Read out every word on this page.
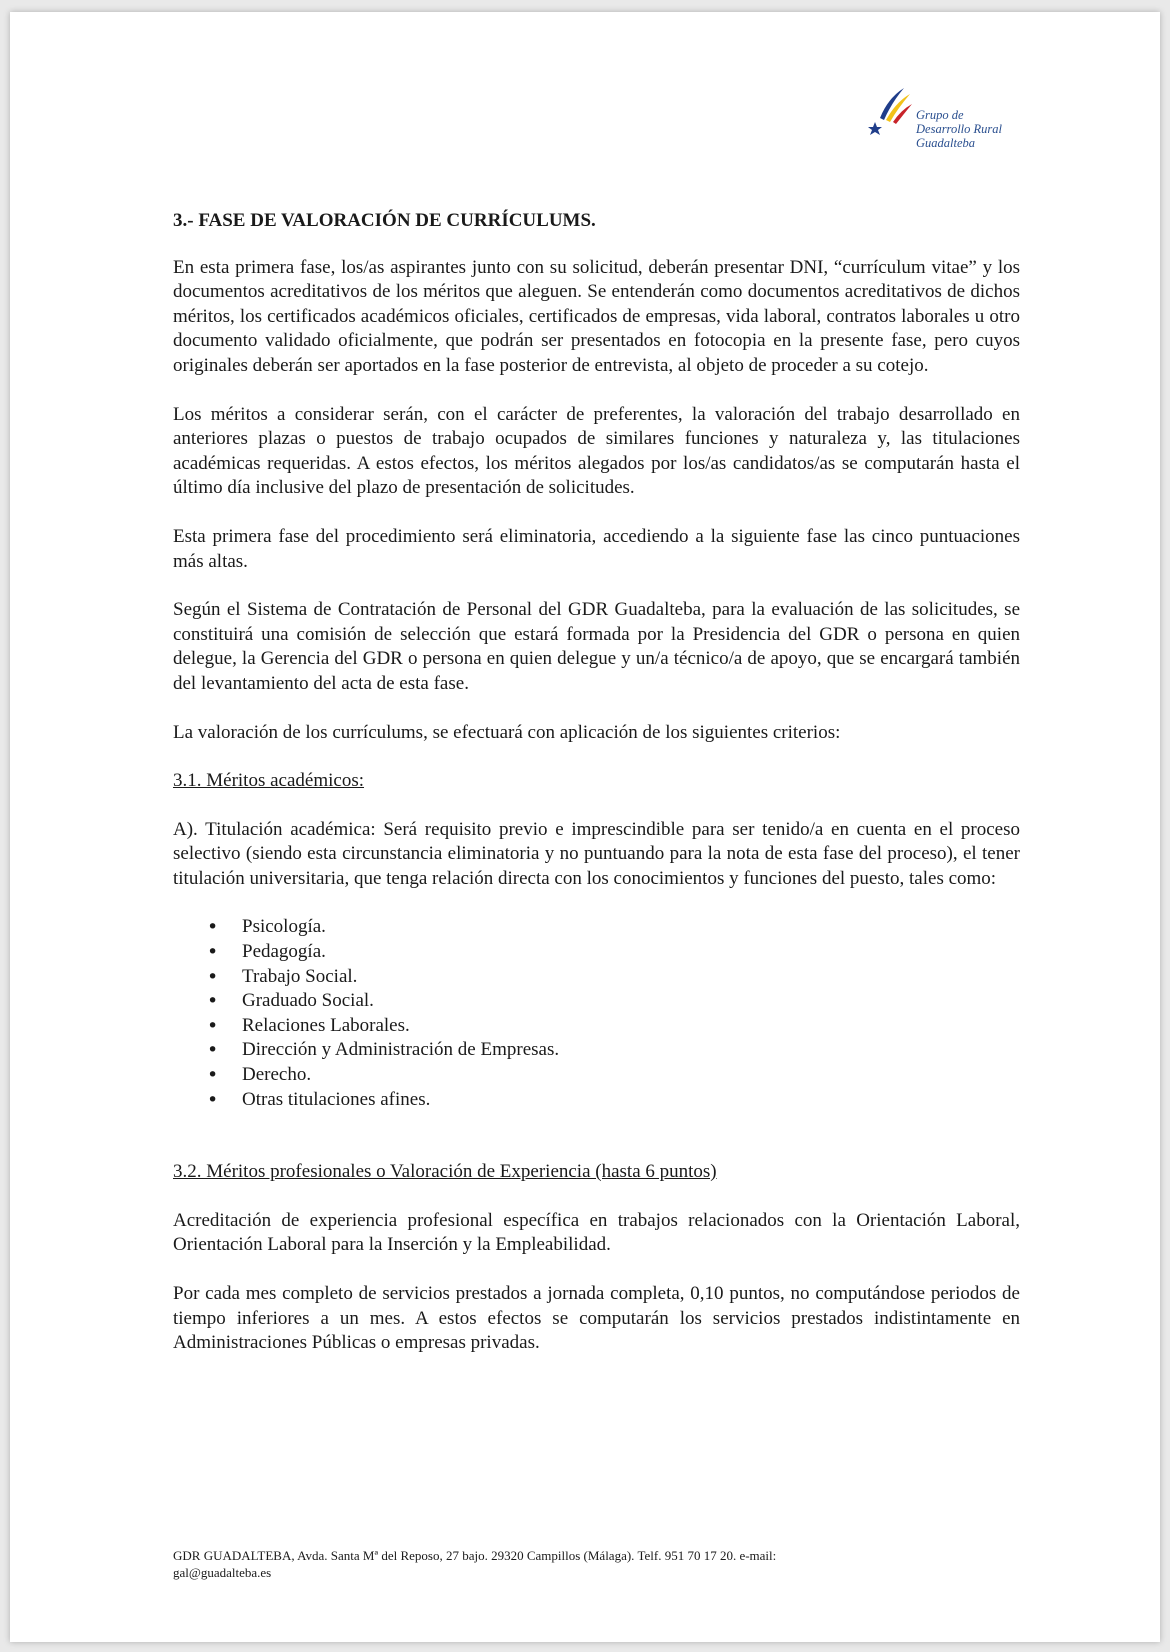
Grupo de
Desarrollo Rural
Guadalteba
3.- FASE DE VALORACIÓN DE CURRÍCULUMS.
En esta primera fase, los/as aspirantes junto con su solicitud, deberán presentar DNI, “currículum vitae” y los documentos acreditativos de los méritos que aleguen. Se entenderán como documentos acreditativos de dichos méritos, los certificados académicos oficiales, certificados de empresas, vida laboral, contratos laborales u otro documento validado oficialmente, que podrán ser presentados en fotocopia en la presente fase, pero cuyos originales deberán ser aportados en la fase posterior de entrevista, al objeto de proceder a su cotejo.
Los méritos a considerar serán, con el carácter de preferentes, la valoración del trabajo desarrollado en anteriores plazas o puestos de trabajo ocupados de similares funciones y naturaleza y, las titulaciones académicas requeridas. A estos efectos, los méritos alegados por los/as candidatos/as se computarán hasta el último día inclusive del plazo de presentación de solicitudes.
Esta primera fase del procedimiento será eliminatoria, accediendo a la siguiente fase las cinco puntuaciones más altas.
Según el Sistema de Contratación de Personal del GDR Guadalteba, para la evaluación de las solicitudes, se constituirá una comisión de selección que estará formada por la Presidencia del GDR o persona en quien delegue, la Gerencia del GDR o persona en quien delegue y un/a técnico/a de apoyo, que se encargará también del levantamiento del acta de esta fase.
La valoración de los currículums, se efectuará con aplicación de los siguientes criterios:
3.1. Méritos académicos:
A). Titulación académica: Será requisito previo e imprescindible para ser tenido/a en cuenta en el proceso selectivo (siendo esta circunstancia eliminatoria y no puntuando para la nota de esta fase del proceso), el tener titulación universitaria, que tenga relación directa con los conocimientos y funciones del puesto, tales como:
• Psicología.
• Pedagogía.
• Trabajo Social.
• Graduado Social.
• Relaciones Laborales.
• Dirección y Administración de Empresas.
• Derecho.
• Otras titulaciones afines.
3.2. Méritos profesionales o Valoración de Experiencia (hasta 6 puntos)
Acreditación de experiencia profesional específica en trabajos relacionados con la Orientación Laboral, Orientación Laboral para la Inserción y la Empleabilidad.
Por cada mes completo de servicios prestados a jornada completa, 0,10 puntos, no computándose periodos de tiempo inferiores a un mes. A estos efectos se computarán los servicios prestados indistintamente en Administraciones Públicas o empresas privadas.
GDR GUADALTEBA, Avda. Santa Mª del Reposo, 27 bajo. 29320 Campillos (Málaga). Telf. 951 70 17 20. e-mail:
gal@guadalteba.es
